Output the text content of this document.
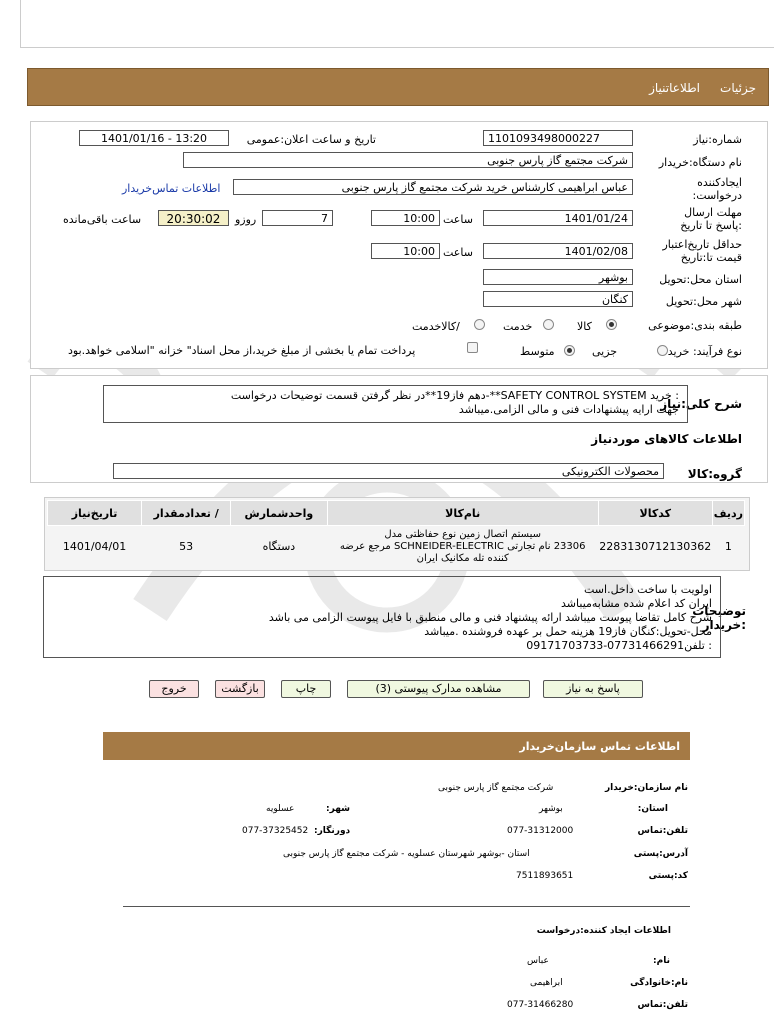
جزئیات
اطلاعاتنیاز
شماره:نیاز
1101093498000227
تاریخ و ساعت اعلان:عمومی
1401/01/16 - 13:20
نام دستگاه:خریدار
شرکت مجتمع گاز پارس جنوبی
ایجادکننده درخواست:
عباس ابراهیمی کارشناس خرید شرکت مجتمع گاز پارس جنوبی
اطلاعات تماس‌خریدار
مهلت ارسال :پاسخ تا تاریخ
1401/01/24
ساعت
10:00
7
روزو
20:30:02
ساعت باقی‌مانده
حداقل تاریخ‌اعتبار قیمت تا:تاریخ
1401/02/08
ساعت
10:00
استان محل:تحویل
بوشهر
شهر محل:تحویل
کنگان
طبقه بندی:موضوعی
کالا
خدمت
/کالاخدمت
نوع فرآیند: خرید
جزیی
متوسط
پرداخت تمام یا بخشی از مبلغ خرید،از محل اسناد" خزانه "اسلامی خواهد.بود
شرح کلی:نیاز
: خرید SAFETY CONTROL SYSTEM**-دهم فاز19**در نظر گرفتن قسمت توضیحات درخواست
جهت ارایه پیشنهادات فنی و مالی الزامی.میباشد
اطلاعات کالاهای موردنیاز
گروه:کالا
محصولات الکترونیکی
ردیف	کدکالا	نام‌کالا	واحدشمارش	/ تعدادمقدار	تاریخ‌نیاز
1	2283130712130362	سیستم اتصال زمین نوع حفاظتی مدل
23306 نام تجارتی SCHNEIDER-ELECTRIC مرجع عرضه
کننده تله مکانیک ایران	دستگاه	53	1401/04/01
توضیحات :خریدار
اولویت با ساخت داخل.است
ایران کد اعلام شده مشابه‌میباشد
شرح کامل تقاضا پیوست میباشد ارائه پیشنهاد فنی و مالی منطبق با فایل پیوست الزامی می باشد
محل-تحویل:کنگان فاز19 هزینه حمل بر عهده فروشنده .میباشد
: تلفن07731466291-09171703733
پاسخ به نیاز
مشاهده مدارک پیوستی (3)
چاپ
بازگشت
خروج
اطلاعات تماس سازمان‌خریدار
نام سازمان:خریدار
شرکت مجتمع گاز پارس جنوبی
استان:
بوشهر
شهر:
عسلویه
تلفن:تماس
077-31312000
دورنگار:
077-37325452
آدرس:پستی
استان -بوشهر شهرستان عسلویه - شرکت مجتمع گاز پارس جنوبی
کد:پستی
7511893651
اطلاعات ایجاد کننده:درخواست
نام:
عباس
نام:خانوادگی
ابراهیمی
تلفن:تماس
077-31466280
